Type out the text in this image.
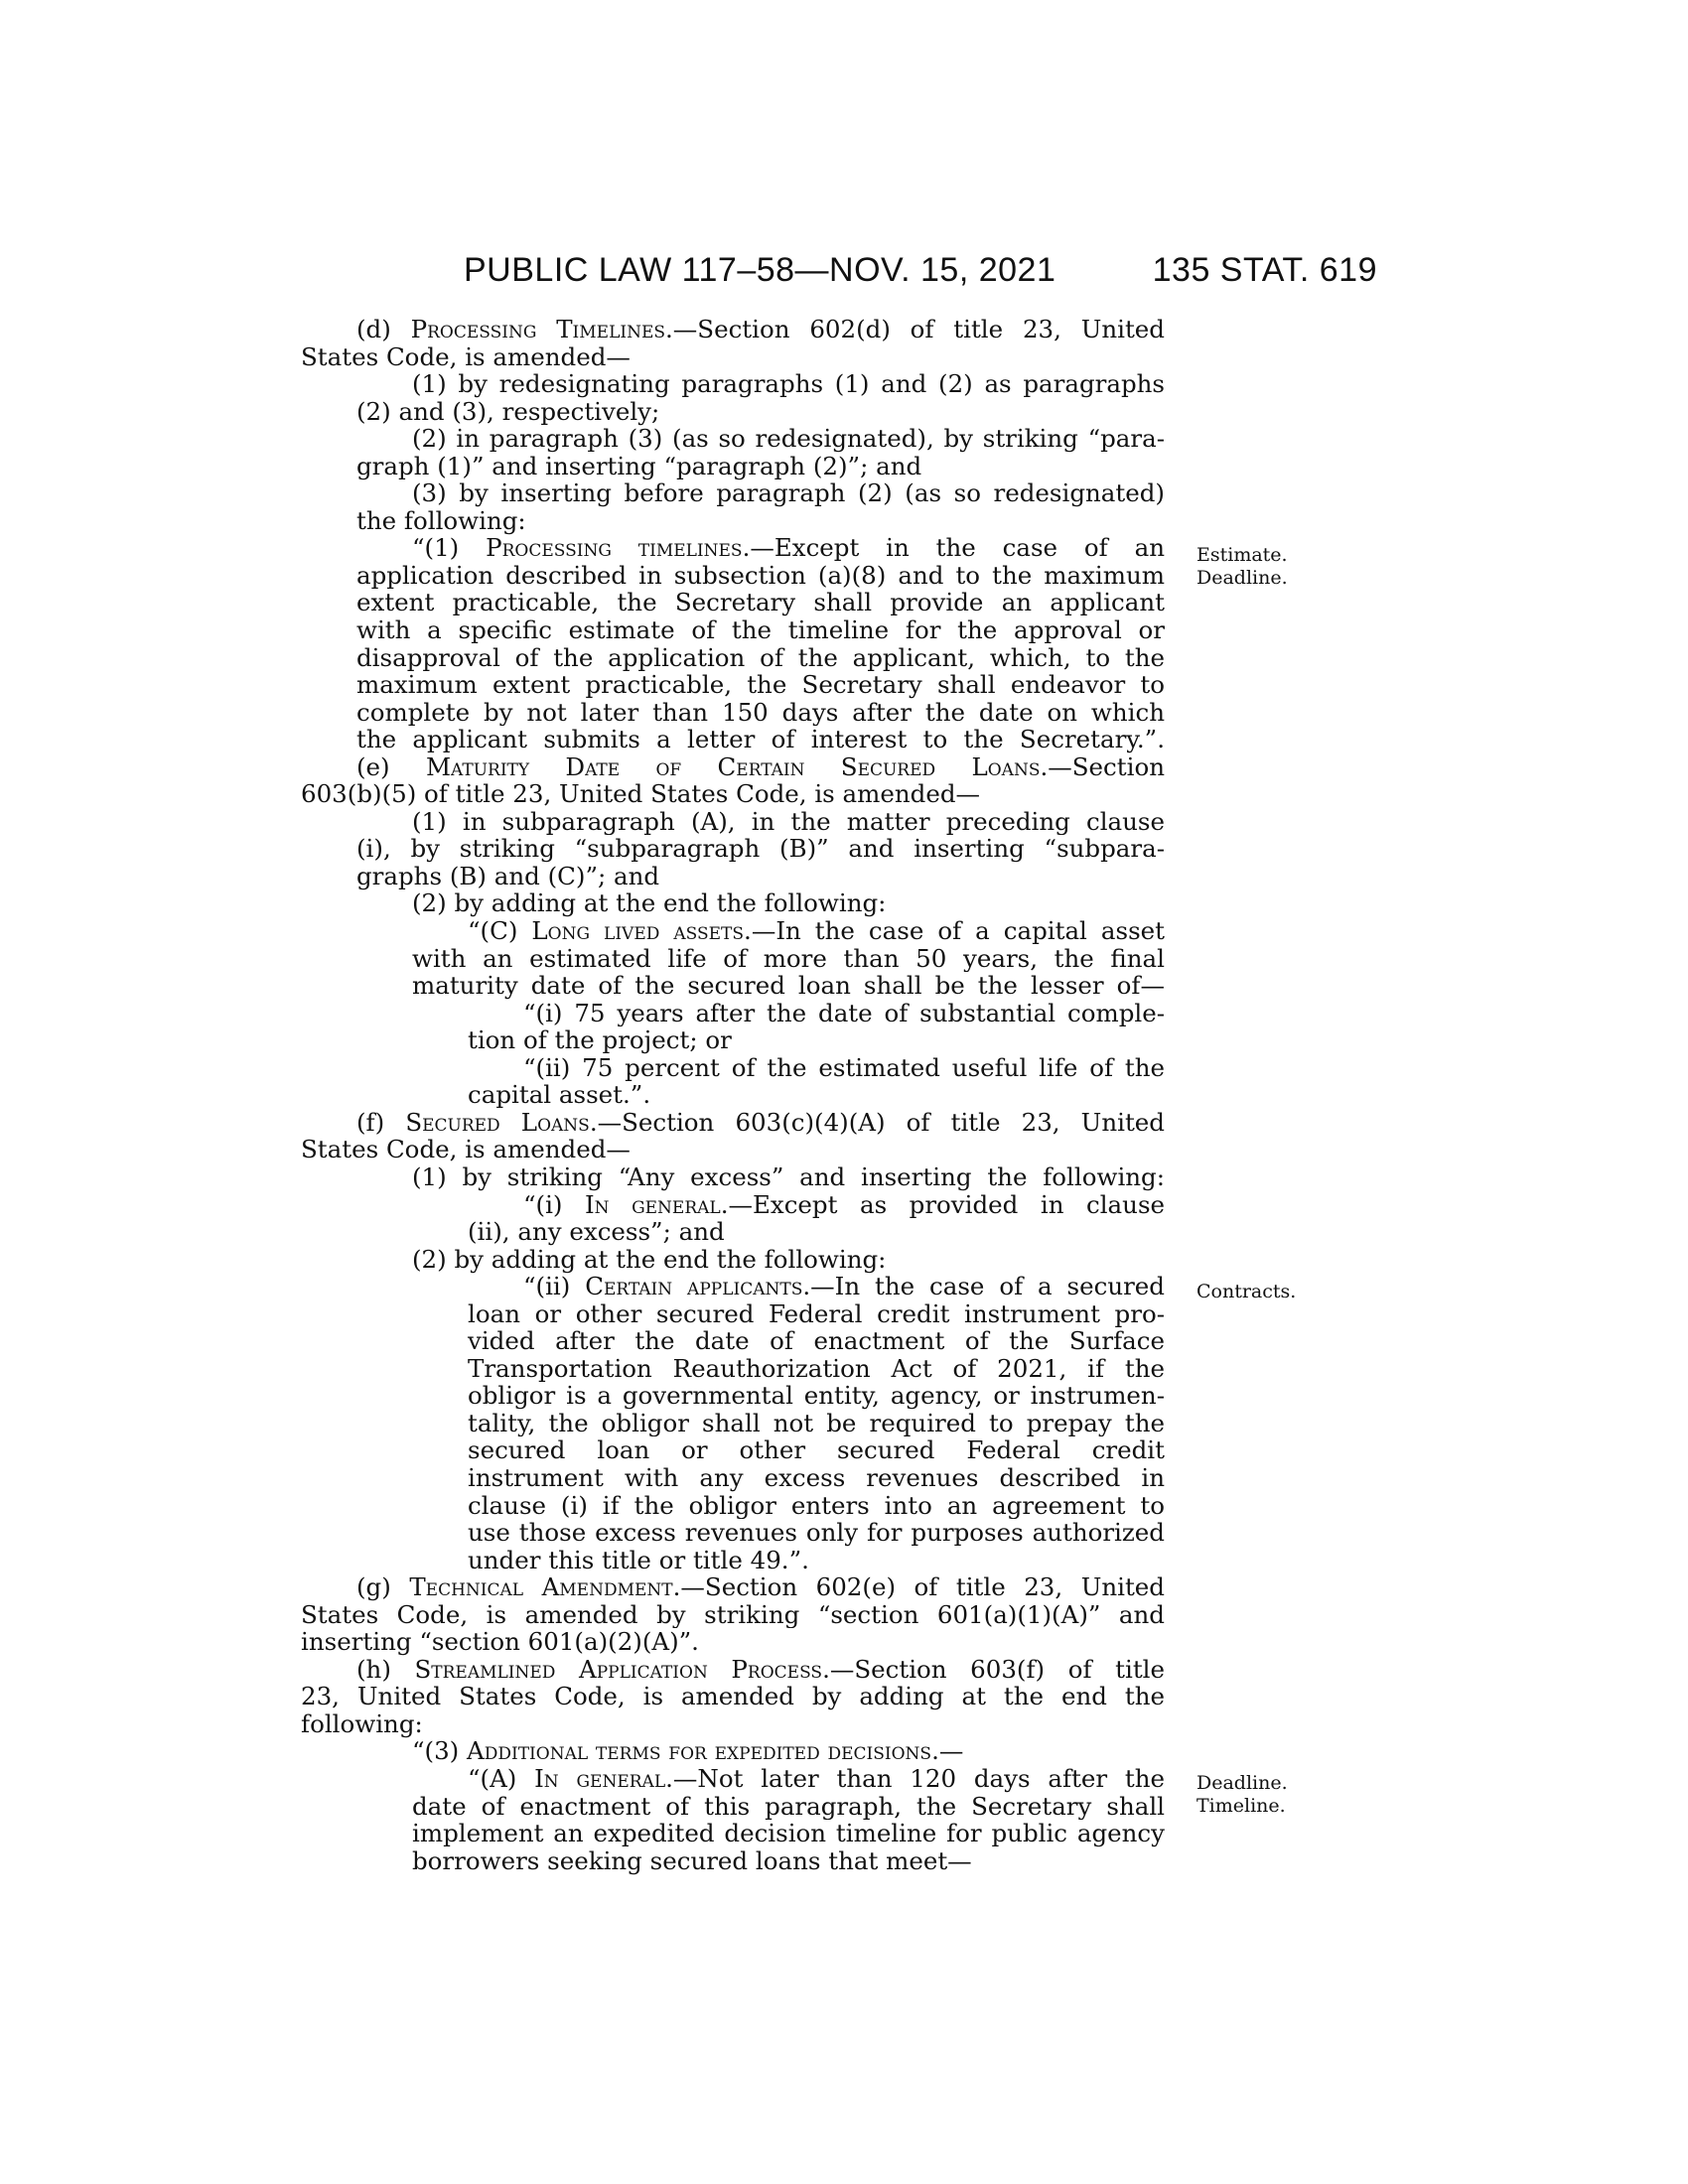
PUBLIC LAW 117–58—NOV. 15, 2021	135 STAT. 619
(d) Processing Timelines.—Section 602(d) of title 23, United
States Code, is amended—
(1) by redesignating paragraphs (1) and (2) as paragraphs
(2) and (3), respectively;
(2) in paragraph (3) (as so redesignated), by striking “para-
graph (1)” and inserting “paragraph (2)”; and
(3) by inserting before paragraph (2) (as so redesignated)
the following:
“(1) Processing timelines.—Except in the case of an
application described in subsection (a)(8) and to the maximum
extent practicable, the Secretary shall provide an applicant
with a specific estimate of the timeline for the approval or
disapproval of the application of the applicant, which, to the
maximum extent practicable, the Secretary shall endeavor to
complete by not later than 150 days after the date on which
the applicant submits a letter of interest to the Secretary.”.
(e) Maturity Date of Certain Secured Loans.—Section
603(b)(5) of title 23, United States Code, is amended—
(1) in subparagraph (A), in the matter preceding clause
(i), by striking “subparagraph (B)” and inserting “subpara-
graphs (B) and (C)”; and
(2) by adding at the end the following:
“(C) Long lived assets.—In the case of a capital asset
with an estimated life of more than 50 years, the final
maturity date of the secured loan shall be the lesser of—
“(i) 75 years after the date of substantial comple-
tion of the project; or
“(ii) 75 percent of the estimated useful life of the
capital asset.”.
(f) Secured Loans.—Section 603(c)(4)(A) of title 23, United
States Code, is amended—
(1) by striking “Any excess” and inserting the following:
“(i) In general.—Except as provided in clause
(ii), any excess”; and
(2) by adding at the end the following:
“(ii) Certain applicants.—In the case of a secured
loan or other secured Federal credit instrument pro-
vided after the date of enactment of the Surface
Transportation Reauthorization Act of 2021, if the
obligor is a governmental entity, agency, or instrumen-
tality, the obligor shall not be required to prepay the
secured loan or other secured Federal credit
instrument with any excess revenues described in
clause (i) if the obligor enters into an agreement to
use those excess revenues only for purposes authorized
under this title or title 49.”.
(g) Technical Amendment.—Section 602(e) of title 23, United
States Code, is amended by striking “section 601(a)(1)(A)” and
inserting “section 601(a)(2)(A)”.
(h) Streamlined Application Process.—Section 603(f) of title
23, United States Code, is amended by adding at the end the
following:
“(3) Additional terms for expedited decisions.—
“(A) In general.—Not later than 120 days after the
date of enactment of this paragraph, the Secretary shall
implement an expedited decision timeline for public agency
borrowers seeking secured loans that meet—
Estimate.
Deadline.
Contracts.
Deadline.
Timeline.
